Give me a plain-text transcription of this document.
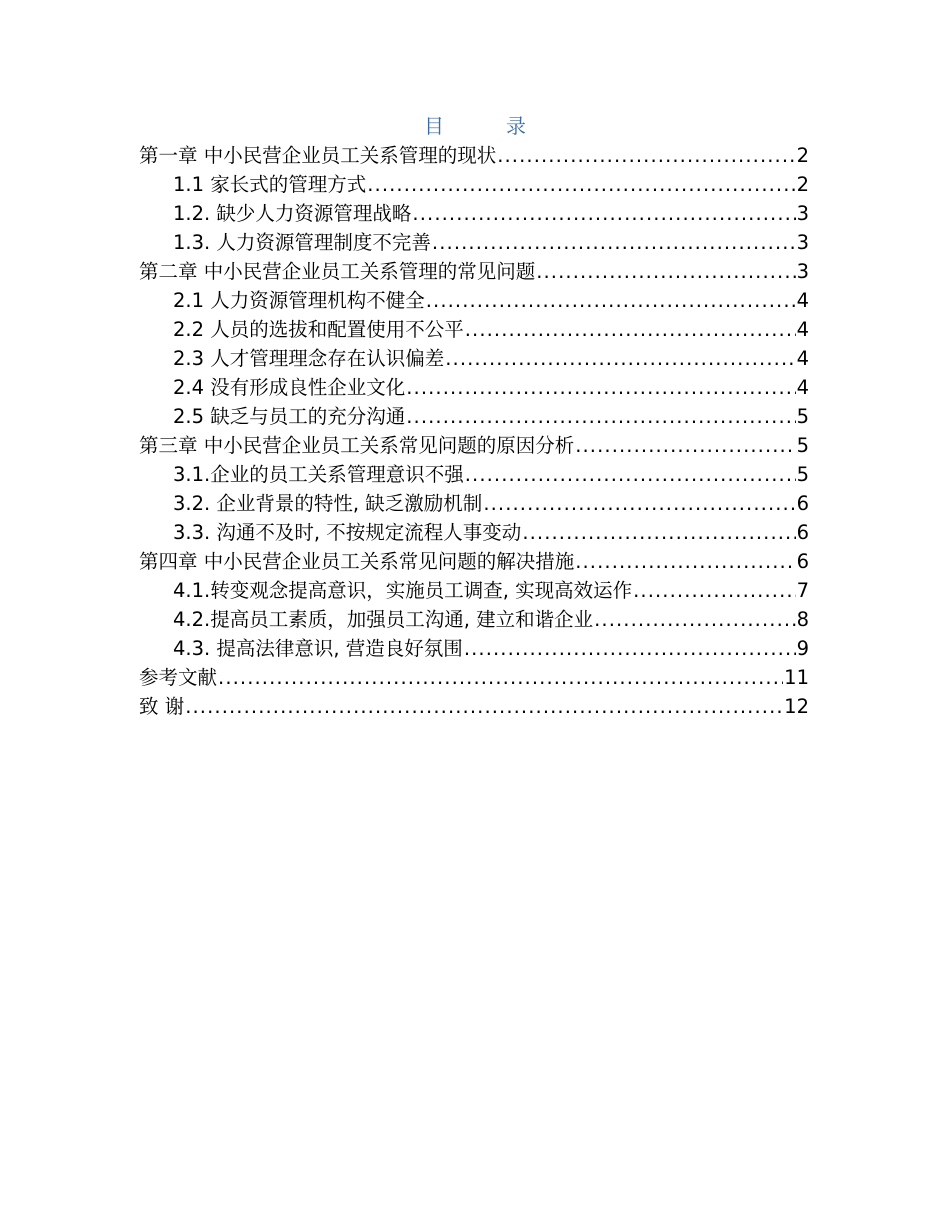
目	录
第一章 中小民营企业员工关系管理的现状 .....	2
1.1 家长式的管理方式 .....	2
1.2. 缺少人力资源管理战略 .....	3
1.3. 人力资源管理制度不完善 .....	3
第二章 中小民营企业员工关系管理的常见问题 .....	3
2.1 人力资源管理机构不健全 .....	4
2.2 人员的选拔和配置使用不公平 .....	4
2.3 人才管理理念存在认识偏差 .....	4
2.4 没有形成良性企业文化 .....	4
2.5 缺乏与员工的充分沟通 .....	5
第三章 中小民营企业员工关系常见问题的原因分析 .....	5
3.1.企业的员工关系管理意识不强 .....	5
3.2. 企业背景的特性, 缺乏激励机制 .....	6
3.3. 沟通不及时, 不按规定流程人事变动 .....	6
第四章 中小民营企业员工关系常见问题的解决措施 .....	6
4.1.转变观念提高意识，实施员工调查, 实现高效运作 .....	7
4.2.提高员工素质，加强员工沟通, 建立和谐企业 .....	8
4.3. 提高法律意识, 营造良好氛围 .....	9
参考文献 .....	11
致 谢 .....	12
